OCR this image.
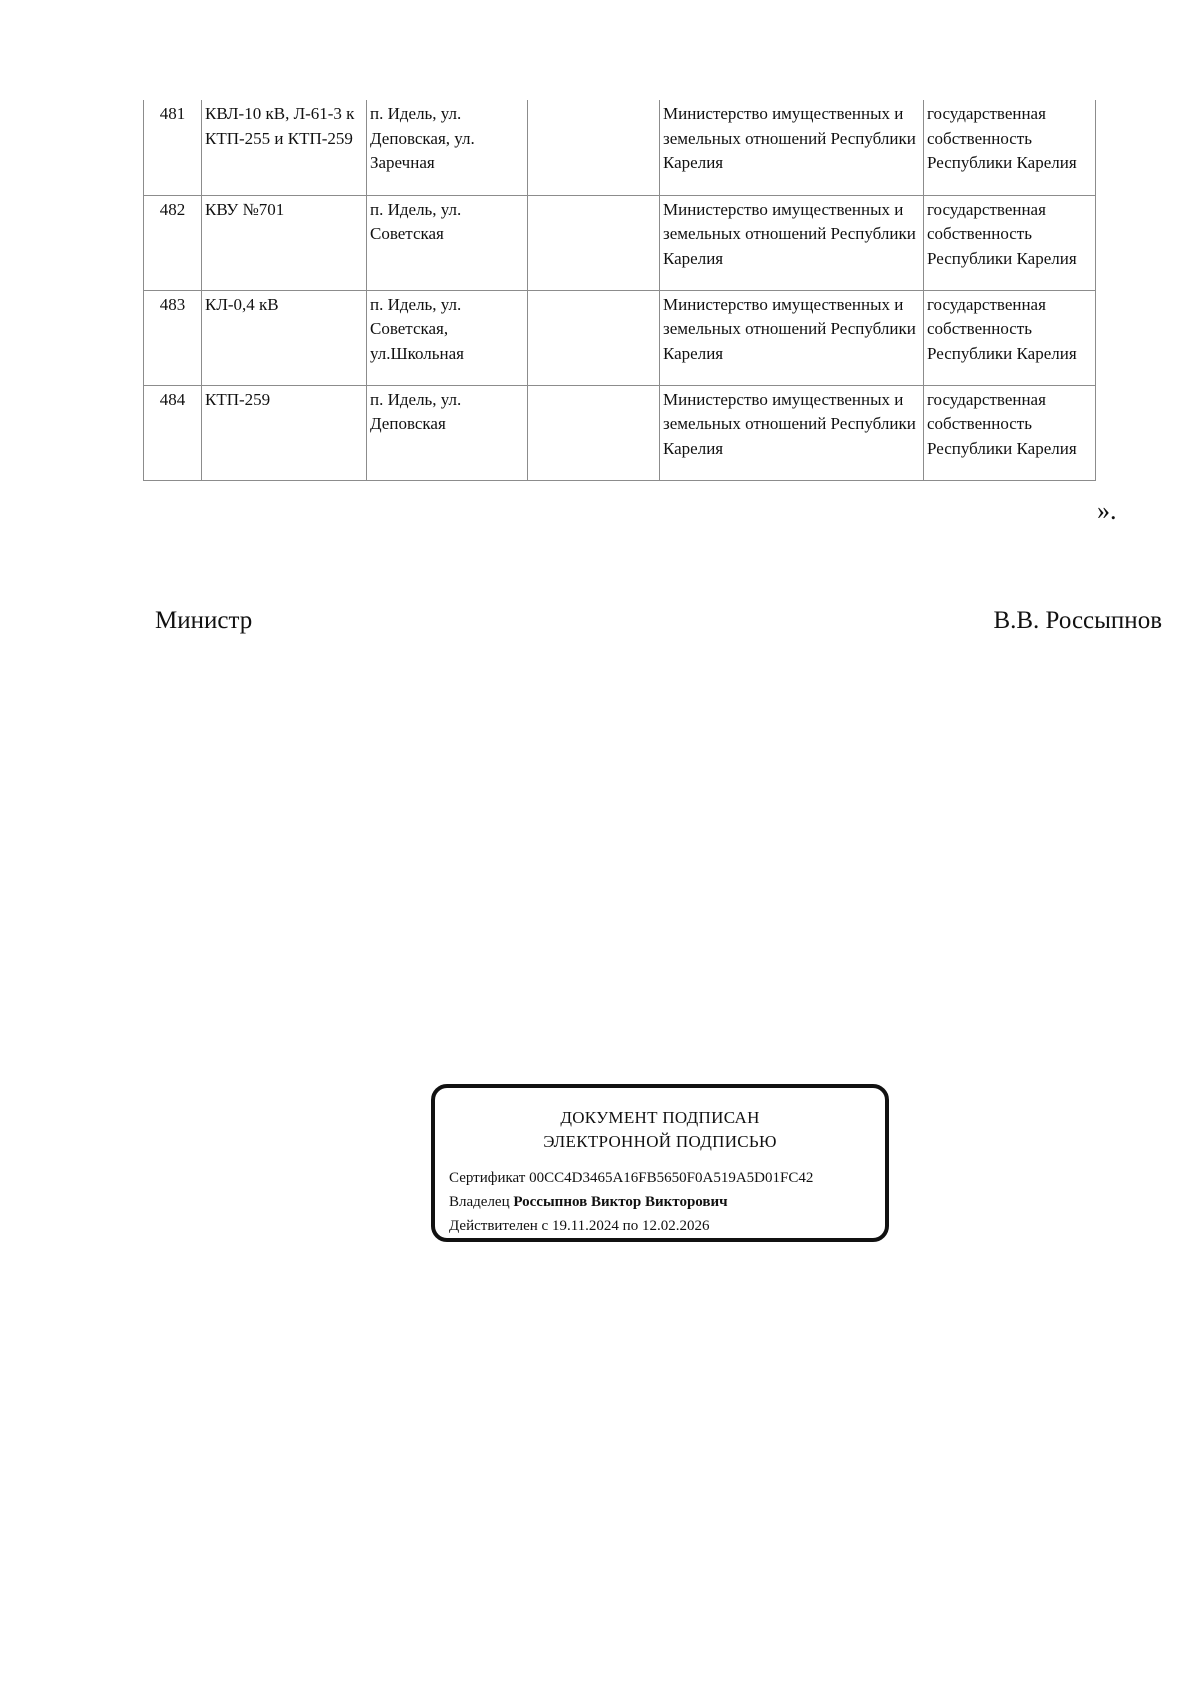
481	КВЛ-10 кВ, Л-61-3 к КТП-255 и КТП-259	п. Идель, ул. Деповская, ул. Заречная		Министерство имущественных и земельных отношений Республики Карелия	государственная собственность Республики Карелия
482	КВУ №701	п. Идель, ул. Советская		Министерство имущественных и земельных отношений Республики Карелия	государственная собственность Республики Карелия
483	КЛ-0,4 кВ	п. Идель, ул. Советская, ул.Школьная		Министерство имущественных и земельных отношений Республики Карелия	государственная собственность Республики Карелия
484	КТП-259	п. Идель, ул. Деповская		Министерство имущественных и земельных отношений Республики Карелия	государственная собственность Республики Карелия
».
Министр	В.В. Россыпнов
ДОКУМЕНТ ПОДПИСАН
ЭЛЕКТРОННОЙ ПОДПИСЬЮ
Сертификат 00CC4D3465A16FB5650F0A519A5D01FC42
Владелец Россыпнов Виктор Викторович
Действителен с 19.11.2024 по 12.02.2026
